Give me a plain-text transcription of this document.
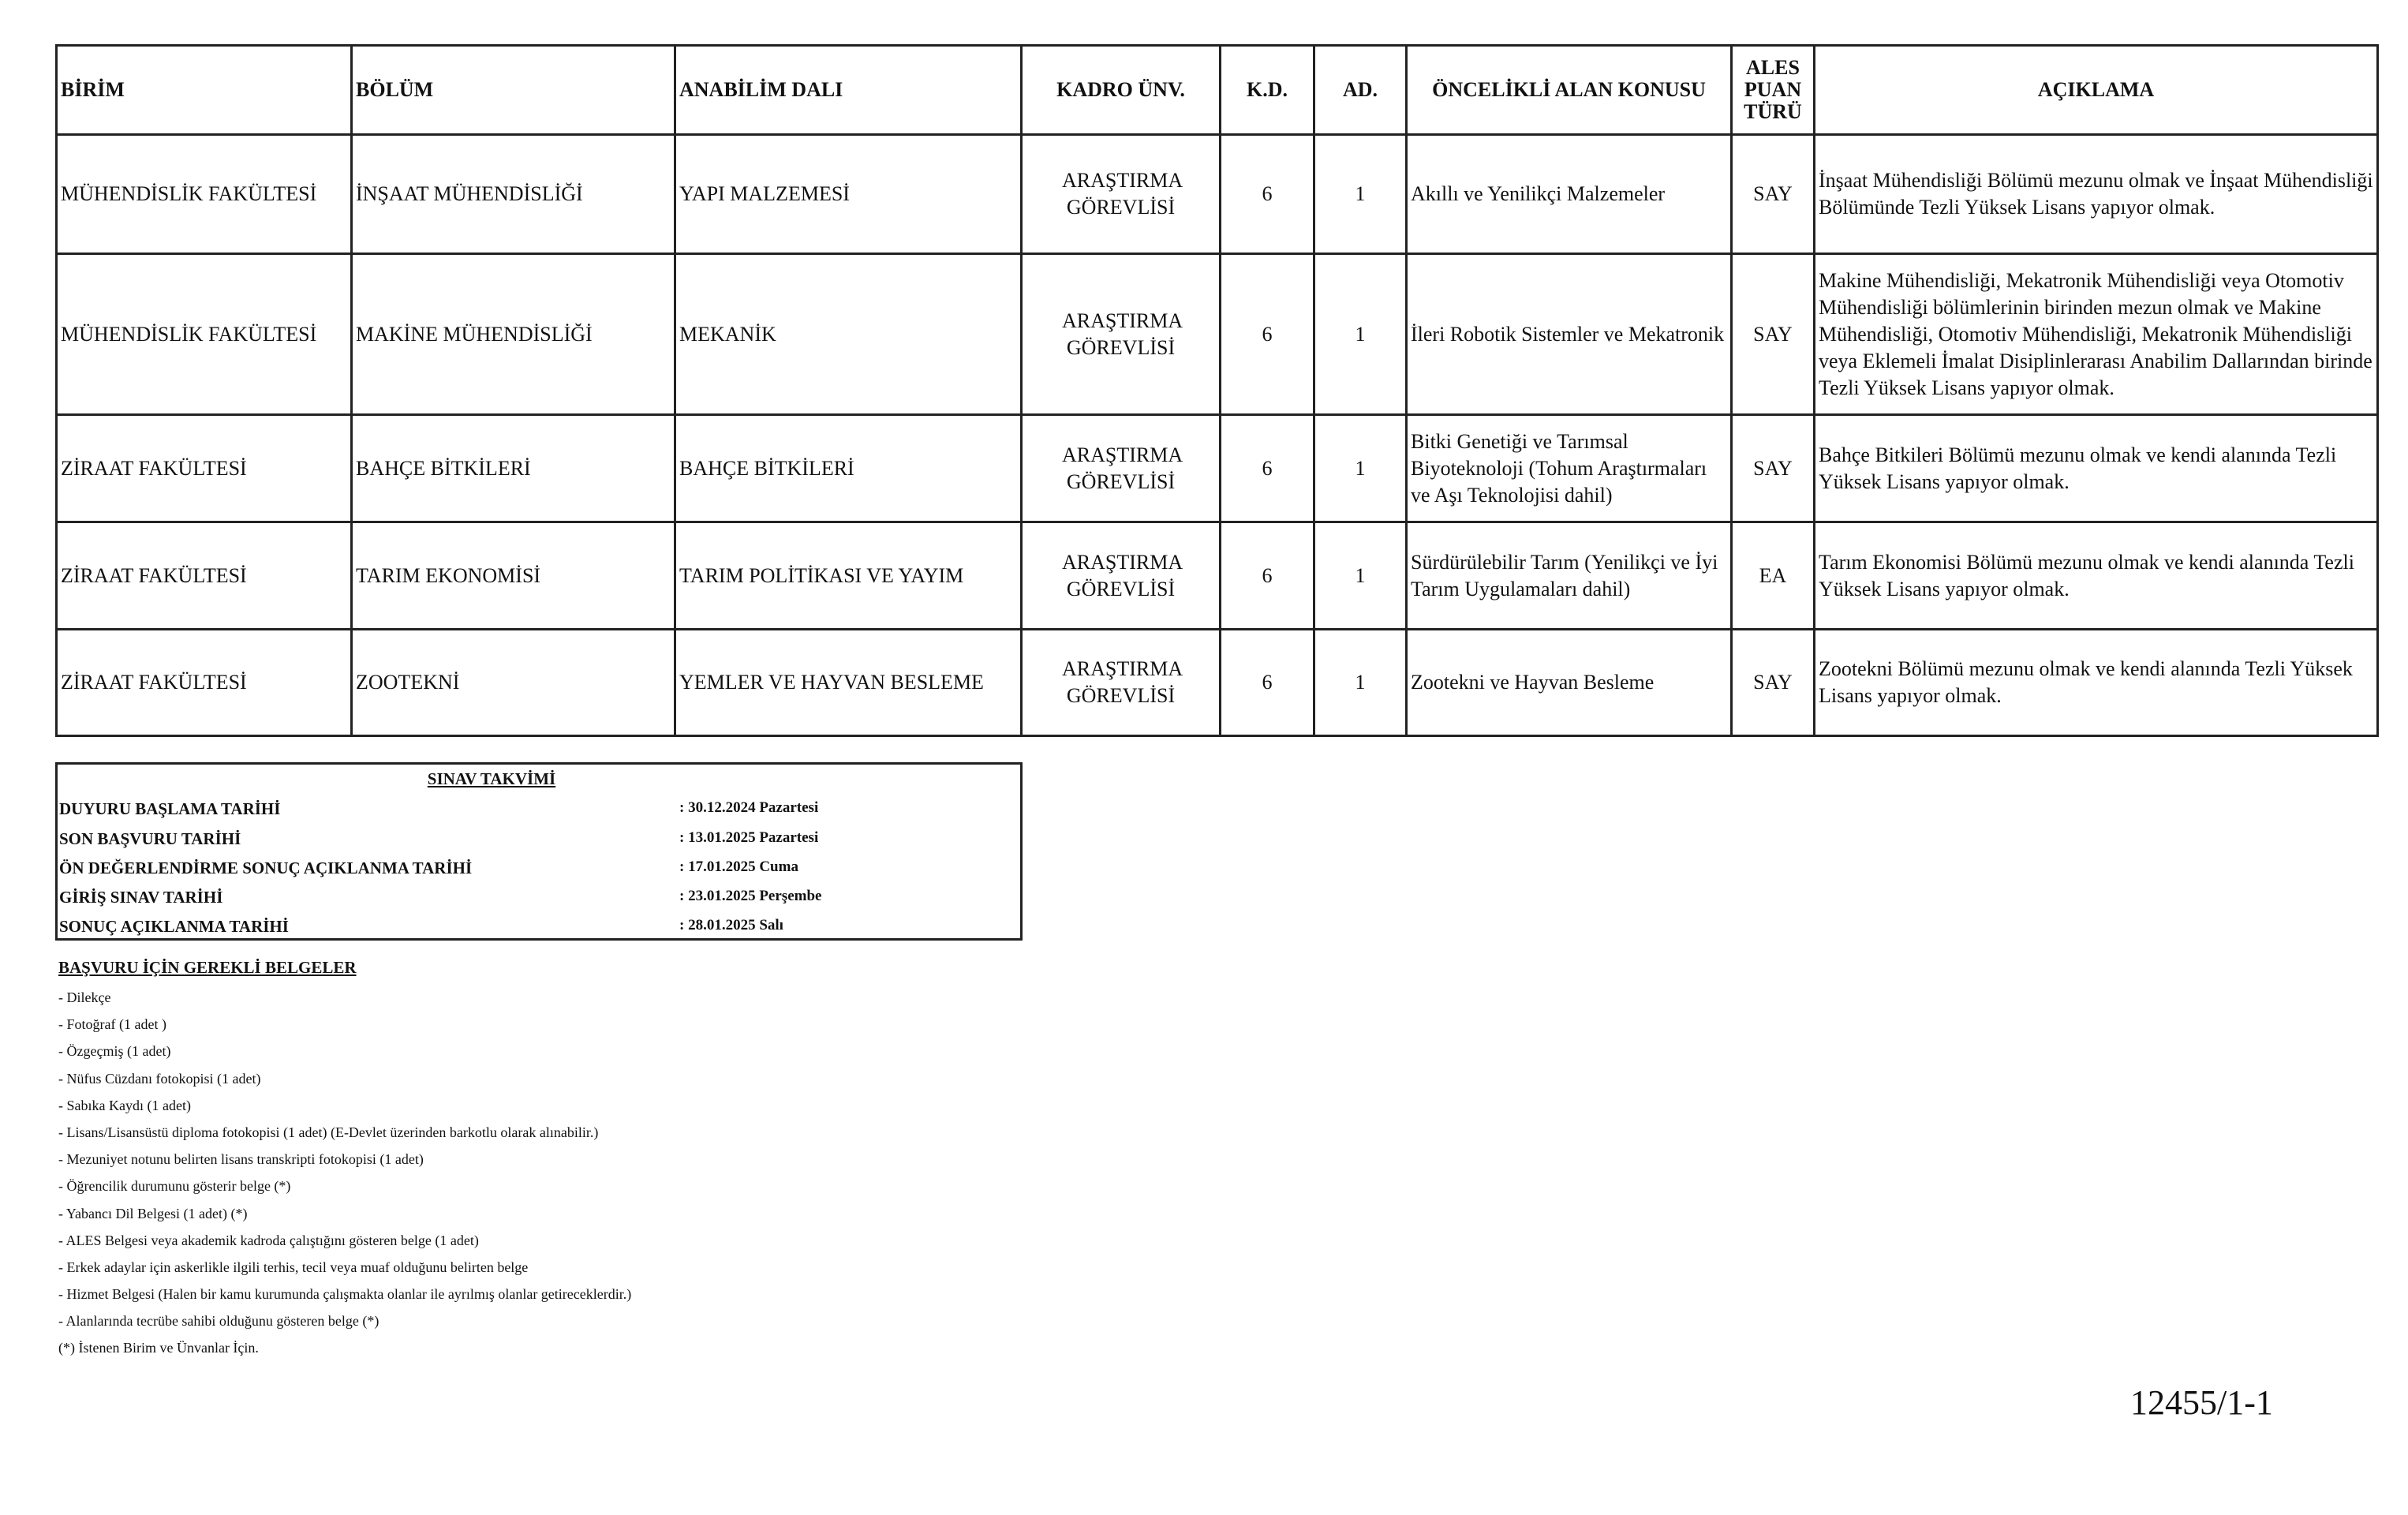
BİRİM	BÖLÜM	ANABİLİM DALI	KADRO ÜNV.	K.D.	AD.	ÖNCELİKLİ ALAN KONUSU	ALES PUAN TÜRÜ	AÇIKLAMA
MÜHENDİSLİK FAKÜLTESİ	İNŞAAT MÜHENDİSLİĞİ	YAPI MALZEMESİ	ARAŞTIRMA GÖREVLİSİ	6	1	Akıllı ve Yenilikçi Malzemeler	SAY	İnşaat Mühendisliği Bölümü mezunu olmak ve İnşaat Mühendisliği Bölümünde Tezli Yüksek Lisans yapıyor olmak.
MÜHENDİSLİK FAKÜLTESİ	MAKİNE MÜHENDİSLİĞİ	MEKANİK	ARAŞTIRMA GÖREVLİSİ	6	1	İleri Robotik Sistemler ve Mekatronik	SAY	Makine Mühendisliği, Mekatronik Mühendisliği veya Otomotiv Mühendisliği bölümlerinin birinden mezun olmak ve Makine Mühendisliği, Otomotiv Mühendisliği, Mekatronik Mühendisliği veya Eklemeli İmalat Disiplinlerarası Anabilim Dallarından birinde Tezli Yüksek Lisans yapıyor olmak.
ZİRAAT FAKÜLTESİ	BAHÇE BİTKİLERİ	BAHÇE BİTKİLERİ	ARAŞTIRMA GÖREVLİSİ	6	1	Bitki Genetiği ve Tarımsal Biyoteknoloji (Tohum Araştırmaları ve Aşı Teknolojisi dahil)	SAY	Bahçe Bitkileri Bölümü mezunu olmak ve kendi alanında Tezli Yüksek Lisans yapıyor olmak.
ZİRAAT FAKÜLTESİ	TARIM EKONOMİSİ	TARIM POLİTİKASI VE YAYIM	ARAŞTIRMA GÖREVLİSİ	6	1	Sürdürülebilir Tarım (Yenilikçi ve İyi Tarım Uygulamaları dahil)	EA	Tarım Ekonomisi Bölümü mezunu olmak ve kendi alanında Tezli Yüksek Lisans yapıyor olmak.
ZİRAAT FAKÜLTESİ	ZOOTEKNİ	YEMLER VE HAYVAN BESLEME	ARAŞTIRMA GÖREVLİSİ	6	1	Zootekni ve Hayvan Besleme	SAY	Zootekni Bölümü mezunu olmak ve kendi alanında Tezli Yüksek Lisans yapıyor olmak.
SINAV TAKVİMİ
DUYURU BAŞLAMA TARİHİ	: 30.12.2024 Pazartesi
SON BAŞVURU TARİHİ	: 13.01.2025 Pazartesi
ÖN DEĞERLENDİRME SONUÇ AÇIKLANMA TARİHİ	: 17.01.2025 Cuma
GİRİŞ SINAV TARİHİ	: 23.01.2025 Perşembe
SONUÇ AÇIKLANMA TARİHİ	: 28.01.2025 Salı
BAŞVURU İÇİN GEREKLİ BELGELER
- Dilekçe
- Fotoğraf (1 adet )
- Özgeçmiş (1 adet)
- Nüfus Cüzdanı fotokopisi (1 adet)
- Sabıka Kaydı (1 adet)
- Lisans/Lisansüstü diploma fotokopisi (1 adet) (E-Devlet üzerinden barkotlu olarak alınabilir.)
- Mezuniyet notunu belirten lisans transkripti fotokopisi (1 adet)
- Öğrencilik durumunu gösterir belge (*)
- Yabancı Dil Belgesi (1 adet) (*)
- ALES Belgesi veya akademik kadroda çalıştığını gösteren belge (1 adet)
- Erkek adaylar için askerlikle ilgili terhis, tecil veya muaf olduğunu belirten belge
- Hizmet Belgesi (Halen bir kamu kurumunda çalışmakta olanlar ile ayrılmış olanlar getireceklerdir.)
- Alanlarında tecrübe sahibi olduğunu gösteren belge (*)
(*) İstenen Birim ve Ünvanlar İçin.
12455/1-1
